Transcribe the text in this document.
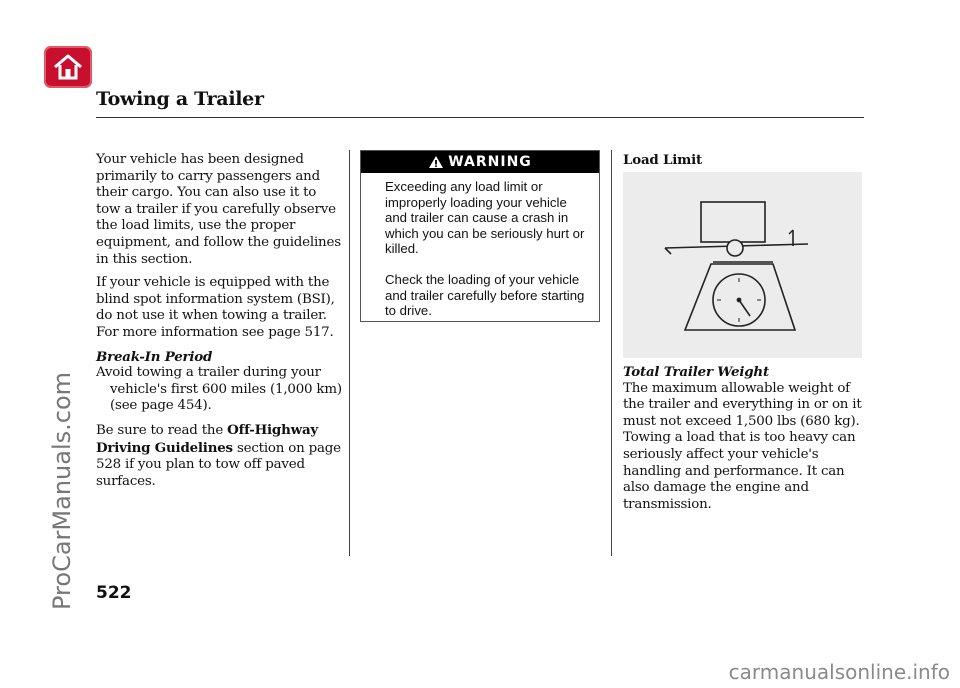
Towing a Trailer

Your vehicle has been designed primarily to carry passengers and their cargo. You can also use it to tow a trailer if you carefully observe the load limits, use the proper equipment, and follow the guidelines in this section.

If your vehicle is equipped with the blind spot information system (BSI), do not use it when towing a trailer. For more information see page 517.

Break-In Period

Avoid towing a trailer during your vehicle's first 600 miles (1,000 km) (see page 454).

Be sure to read the Off-Highway Driving Guidelines section on page 528 if you plan to tow off paved surfaces.

WARNING

Exceeding any load limit or improperly loading your vehicle and trailer can cause a crash in which you can be seriously hurt or killed.

Check the loading of your vehicle and trailer carefully before starting to drive.

Load Limit
Total Trailer Weight

The maximum allowable weight of the trailer and everything in or on it must not exceed 1,500 lbs (680 kg). Towing a load that is too heavy can seriously affect your vehicle's handling and performance. It can also damage the engine and transmission.

522
ProCarManuals.com
carmanualsonline.info
